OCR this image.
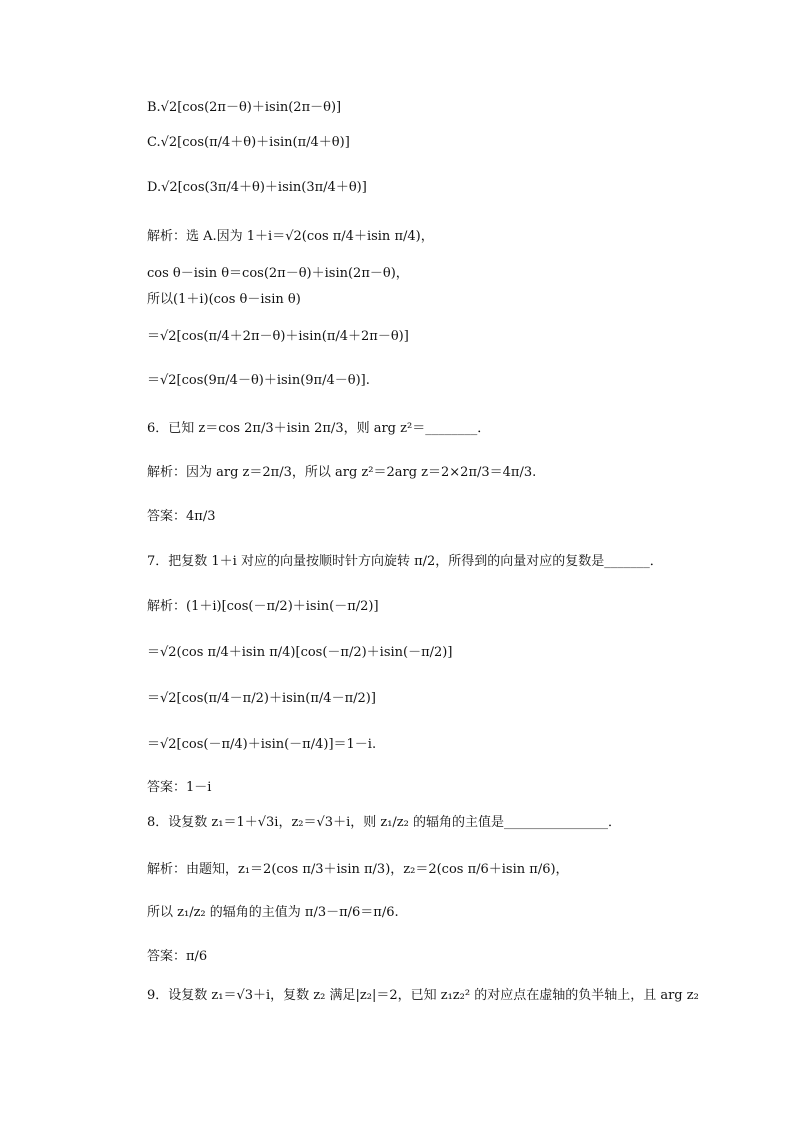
B.√2[cos(2π－θ)＋isin(2π－θ)]
C.√2[cos(π/4＋θ)＋isin(π/4＋θ)]
D.√2[cos(3π/4＋θ)＋isin(3π/4＋θ)]
解析：选 A.因为 1＋i＝√2(cos π/4＋isin π/4)，
cos θ－isin θ＝cos(2π－θ)＋isin(2π－θ)，
所以(1＋i)(cos θ－isin θ)
＝√2[cos(π/4＋2π－θ)＋isin(π/4＋2π－θ)]
＝√2[cos(9π/4－θ)＋isin(9π/4－θ)].
6．已知 z＝cos 2π/3＋isin 2π/3，则 arg z²＝________．
解析：因为 arg z＝2π/3，所以 arg z²＝2arg z＝2×2π/3＝4π/3.
答案：4π/3
7．把复数 1＋i 对应的向量按顺时针方向旋转 π/2，所得到的向量对应的复数是_______．
解析：(1＋i)[cos(－π/2)＋isin(－π/2)]
＝√2(cos π/4＋isin π/4)[cos(－π/2)＋isin(－π/2)]
＝√2[cos(π/4－π/2)＋isin(π/4－π/2)]
＝√2[cos(－π/4)＋isin(－π/4)]＝1－i.
答案：1－i
8．设复数 z₁＝1＋√3i，z₂＝√3＋i，则 z₁/z₂ 的辐角的主值是________________．
解析：由题知，z₁＝2(cos π/3＋isin π/3)，z₂＝2(cos π/6＋isin π/6)，
所以 z₁/z₂ 的辐角的主值为 π/3－π/6＝π/6.
答案：π/6
9．设复数 z₁＝√3＋i，复数 z₂ 满足|z₂|＝2，已知 z₁z₂² 的对应点在虚轴的负半轴上，且 arg z₂
